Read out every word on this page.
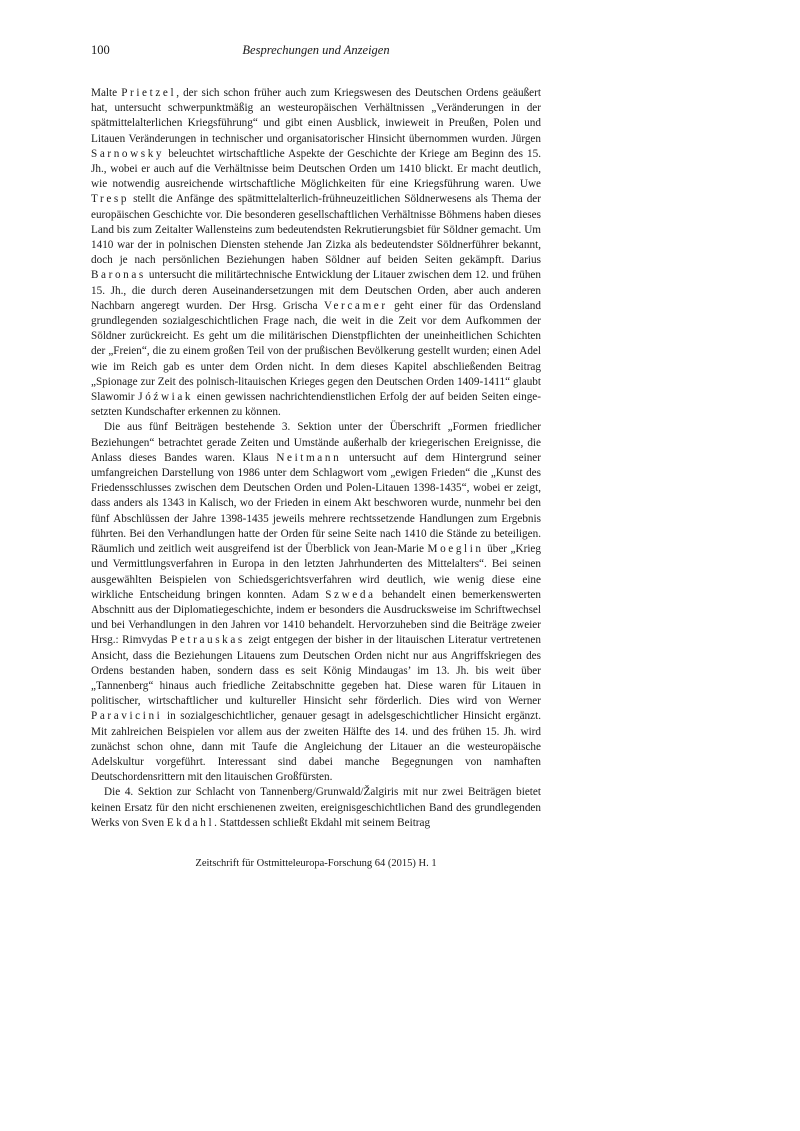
100	Besprechungen und Anzeigen

Malte Prietzel, der sich schon früher auch zum Kriegswesen des Deutschen Ordens geäußert hat, untersucht schwerpunktmäßig an westeuropäischen Verhältnissen „Veränderungen in der spätmittelalterlichen Kriegsführung“ und gibt einen Ausblick, inwieweit in Preußen, Polen und Litauen Veränderungen in technischer und organisatorischer Hinsicht übernommen wurden. Jürgen Sarnowsky beleuchtet wirtschaftliche Aspekte der Geschichte der Kriege am Beginn des 15. Jh., wobei er auch auf die Verhältnisse beim Deutschen Orden um 1410 blickt. Er macht deutlich, wie notwendig ausreichende wirtschaftliche Möglichkeiten für eine Kriegsführung waren. Uwe Tresp stellt die Anfänge des spätmittelalterlich-frühneuzeitlichen Söldnerwesens als Thema der europäischen Geschichte vor. Die besonderen gesellschaftlichen Verhältnisse Böhmens haben dieses Land bis zum Zeitalter Wallensteins zum bedeutendsten Rekrutierungsbiet für Söldner gemacht. Um 1410 war der in polnischen Diensten stehende Jan Zizka als bedeutendster Söldnerführer bekannt, doch je nach persönlichen Beziehungen haben Söldner auf beiden Seiten gekämpft. Darius Baronas untersucht die militärtechnische Entwicklung der Litauer zwischen dem 12. und frühen 15. Jh., die durch deren Auseinandersetzungen mit dem Deutschen Orden, aber auch anderen Nachbarn angeregt wurden. Der Hrsg. Grischa Vercamer geht einer für das Ordensland grundlegenden sozialgeschichtlichen Frage nach, die weit in die Zeit vor dem Aufkommen der Söldner zurückreicht. Es geht um die militärischen Dienstpflichten der uneinheitlichen Schichten der „Freien“, die zu einem großen Teil von der prußischen Bevölkerung gestellt wurden; einen Adel wie im Reich gab es unter dem Orden nicht. In dem dieses Kapitel abschließenden Beitrag „Spionage zur Zeit des polnisch-litauischen Krieges gegen den Deutschen Orden 1409-1411“ glaubt Slawomir Jóźwiak einen gewissen nachrichtendienstlichen Erfolg der auf beiden Seiten eingesetzten Kundschafter erkennen zu können.

Die aus fünf Beiträgen bestehende 3. Sektion unter der Überschrift „Formen friedlicher Beziehungen“ betrachtet gerade Zeiten und Umstände außerhalb der kriegerischen Ereignisse, die Anlass dieses Bandes waren. Klaus Neitmann untersucht auf dem Hintergrund seiner umfangreichen Darstellung von 1986 unter dem Schlagwort vom „ewigen Frieden“ die „Kunst des Friedensschlusses zwischen dem Deutschen Orden und Polen-Litauen 1398-1435“, wobei er zeigt, dass anders als 1343 in Kalisch, wo der Frieden in einem Akt beschworen wurde, nunmehr bei den fünf Abschlüssen der Jahre 1398-1435 jeweils mehrere rechtssetzende Handlungen zum Ergebnis führten. Bei den Verhandlungen hatte der Orden für seine Seite nach 1410 die Stände zu beteiligen. Räumlich und zeitlich weit ausgreifend ist der Überblick von Jean-Marie Moeglin über „Krieg und Vermittlungsverfahren in Europa in den letzten Jahrhunderten des Mittelalters“. Bei seinen ausgewählten Beispielen von Schiedsgerichtsverfahren wird deutlich, wie wenig diese eine wirkliche Entscheidung bringen konnten. Adam Szweda behandelt einen bemerkenswerten Abschnitt aus der Diplomatiegeschichte, indem er besonders die Ausdrucksweise im Schriftwechsel und bei Verhandlungen in den Jahren vor 1410 behandelt. Hervorzuheben sind die Beiträge zweier Hrsg.: Rimvydas Petrauskas zeigt entgegen der bisher in der litauischen Literatur vertretenen Ansicht, dass die Beziehungen Litauens zum Deutschen Orden nicht nur aus Angriffskriegen des Ordens bestanden haben, sondern dass es seit König Mindaugas’ im 13. Jh. bis weit über „Tannenberg“ hinaus auch friedliche Zeitabschnitte gegeben hat. Diese waren für Litauen in politischer, wirtschaftlicher und kultureller Hinsicht sehr förderlich. Dies wird von Werner Paravicini in sozialgeschichtlicher, genauer gesagt in adelsgeschichtlicher Hinsicht ergänzt. Mit zahlreichen Beispielen vor allem aus der zweiten Hälfte des 14. und des frühen 15. Jh. wird zunächst schon ohne, dann mit Taufe die Angleichung der Litauer an die westeuropäische Adelskultur vorgeführt. Interessant sind dabei manche Begegnungen von namhaften Deutschordensrittern mit den litauischen Großfürsten.

Die 4. Sektion zur Schlacht von Tannenberg/Grunwald/Žalgiris mit nur zwei Beiträgen bietet keinen Ersatz für den nicht erschienenen zweiten, ereignisgeschichtlichen Band des grundlegenden Werks von Sven Ekdahl. Stattdessen schließt Ekdahl mit seinem Beitrag

Zeitschrift für Ostmitteleuropa-Forschung 64 (2015) H. 1
